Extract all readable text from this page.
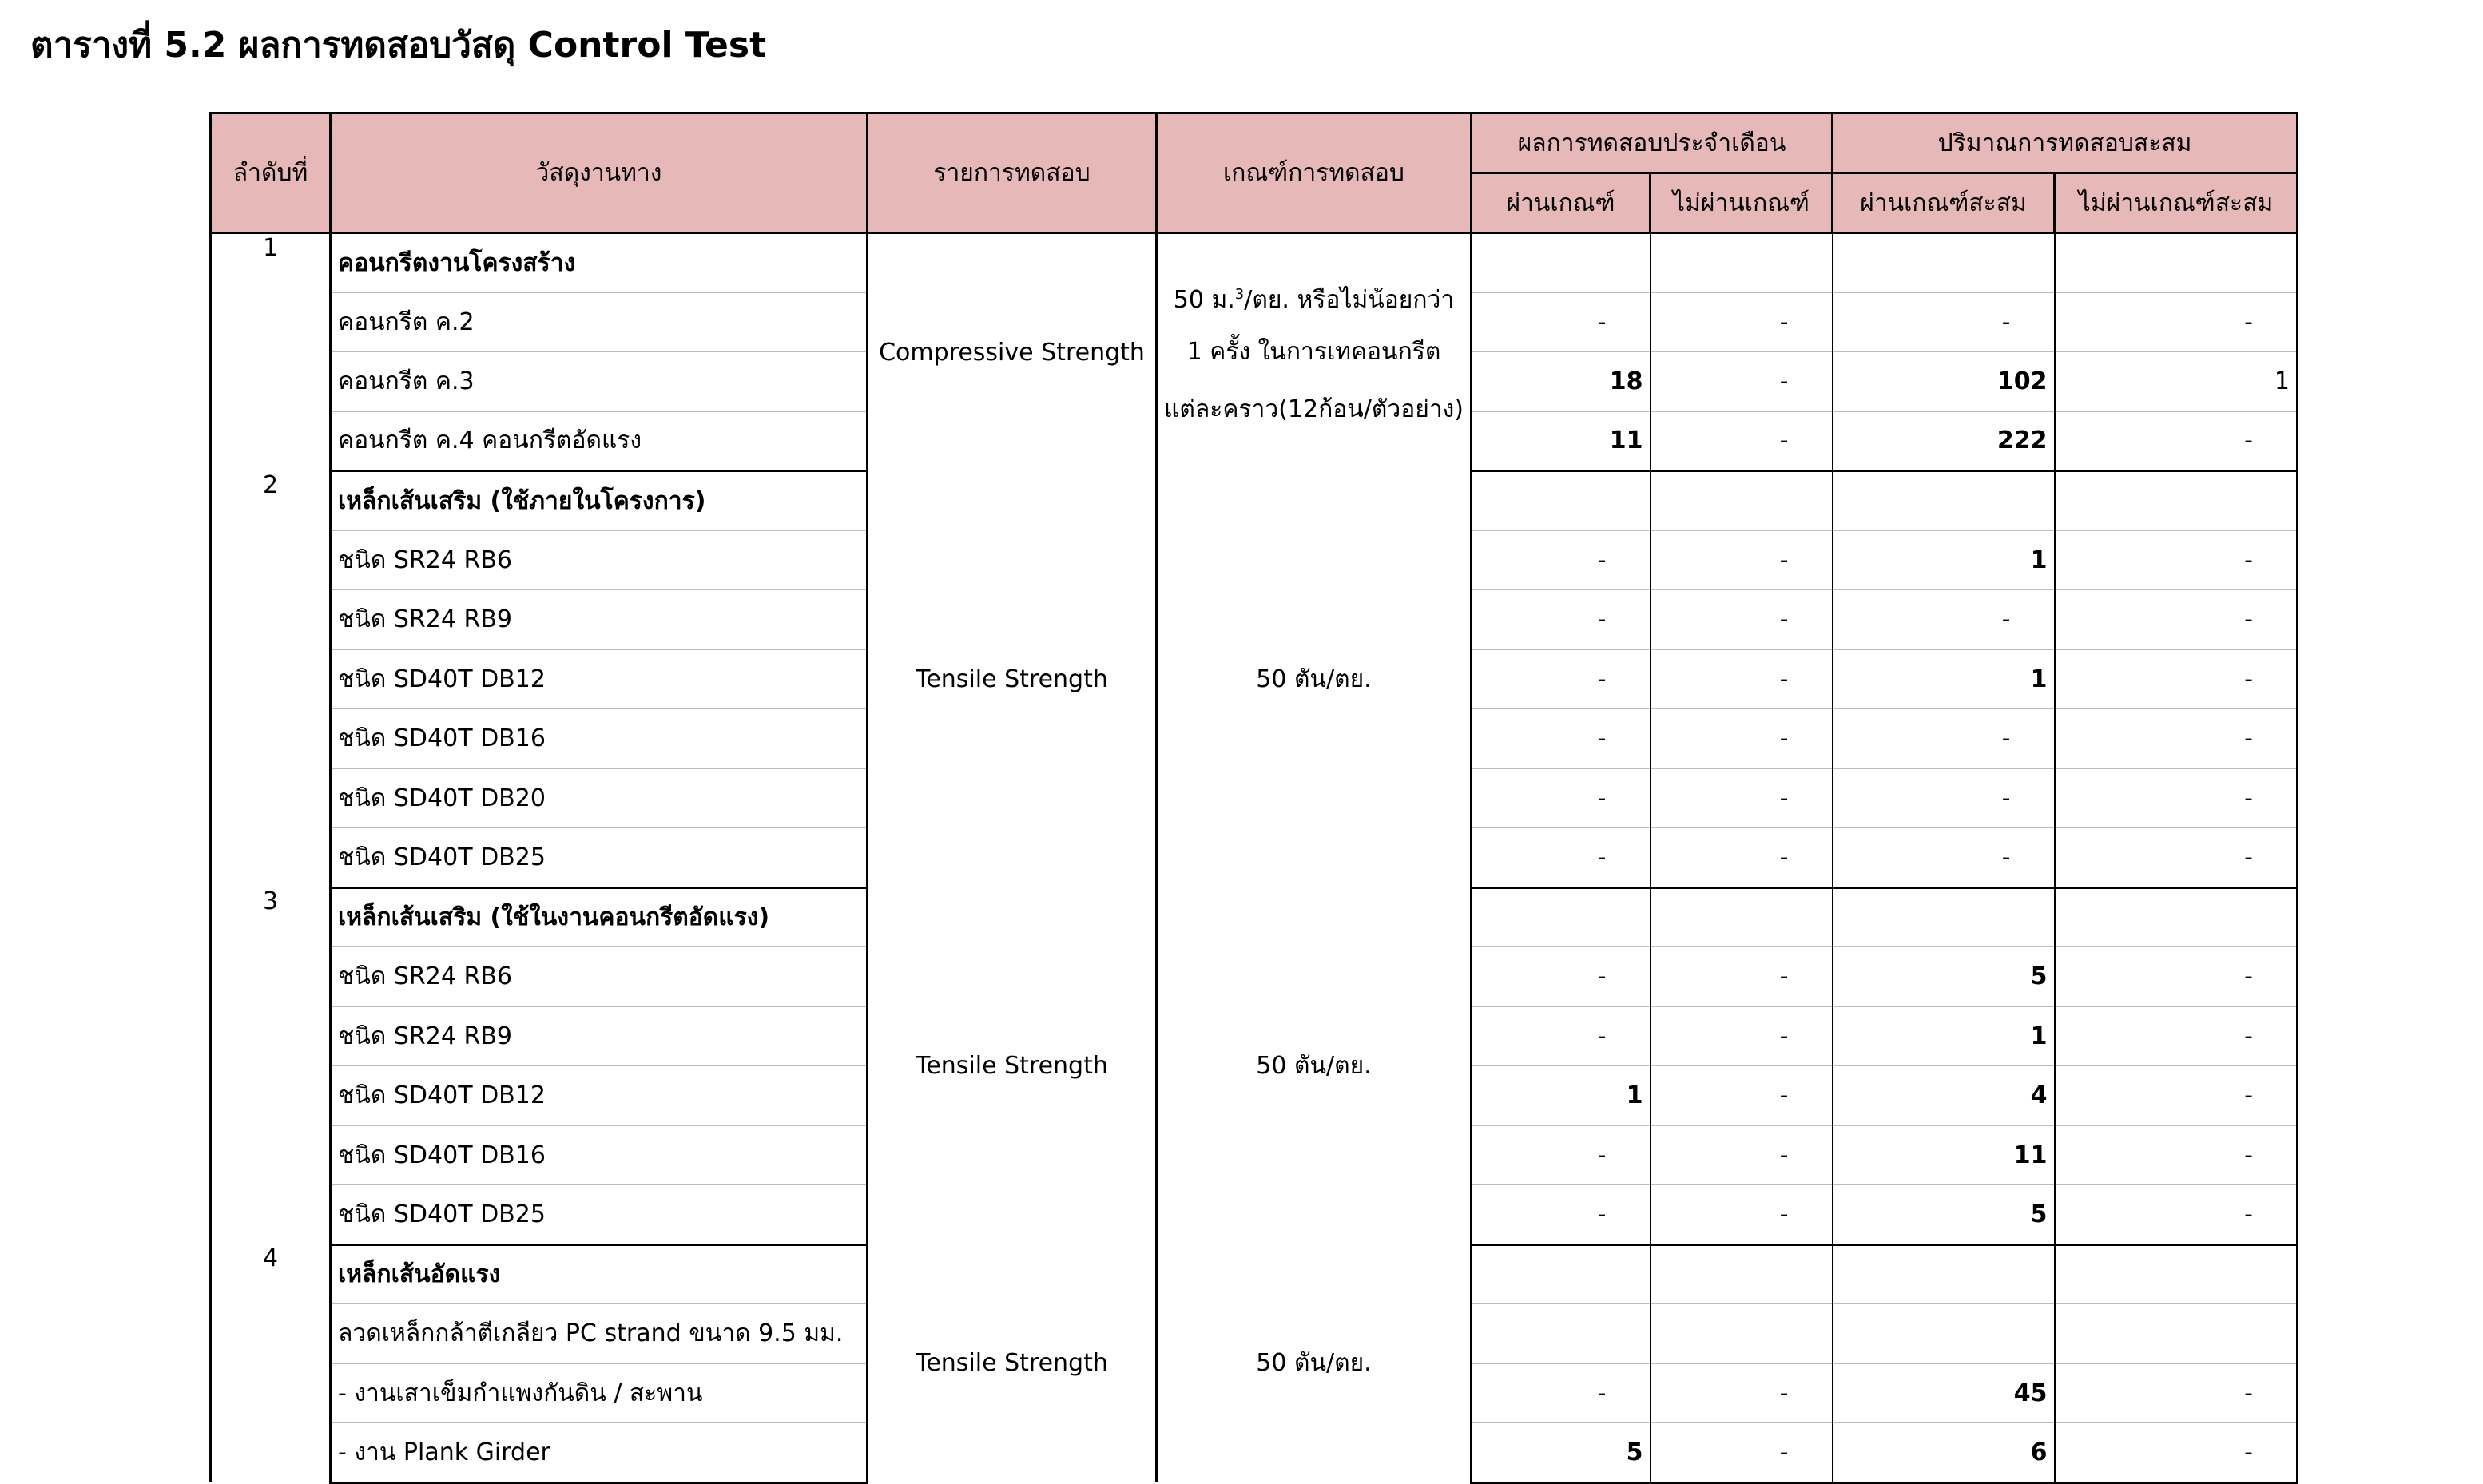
ตารางที่ 5.2 ผลการทดสอบวัสดุ Control Test
ลำดับที่	วัสดุงานทาง	รายการทดสอบ	เกณฑ์การทดสอบ	ผลการทดสอบประจำเดือน		ปริมาณการทดสอบสะสม	
				ผ่านเกณฑ์	ไม่ผ่านเกณฑ์	ผ่านเกณฑ์สะสม	ไม่ผ่านเกณฑ์สะสม
1	คอนกรีตงานโครงสร้าง	Compressive Strength	50 ม.$^3$/ตย. หรือไม่น้อยกว่า
1 ครั้ง ในการเทคอนกรีต
แต่ละคราว(12ก้อน/ตัวอย่าง)				

	คอนกรีต ค.2			-	-	-	-
	คอนกรีต ค.3			18	-	102	1
	คอนกรีต ค.4 คอนกรีตอัดแรง			11	-	222	-
2	เหล็กเส้นเสริม (ใช้ภายในโครงการ)	Tensile Strength	50 ตัน/ตย.				
	ชนิด SR24 RB6			-	-	1	-
	ชนิด SR24 RB9			-	-	-	-
	ชนิด SD40T DB12			-	-	1	-
	ชนิด SD40T DB16			-	-	-	-
	ชนิด SD40T DB20			-	-	-	-
	ชนิด SD40T DB25			-	-	-	-
3	เหล็กเส้นเสริม (ใช้ในงานคอนกรีตอัดแรง)	Tensile Strength	50 ตัน/ตย.				
	ชนิด SR24 RB6			-	-	5	-
	ชนิด SR24 RB9			-	-	1	-
	ชนิด SD40T DB12			1	-	4	-
	ชนิด SD40T DB16			-	-	11	-
	ชนิด SD40T DB25			-	-	5	-
4	เหล็กเส้นอัดแรง	Tensile Strength	50 ตัน/ตย.				
	ลวดเหล็กกล้าตีเกลียว PC strand ขนาด 9.5 มม.						
	- งานเสาเข็มกำแพงกันดิน / สะพาน			-	-	45	-
	- งาน Plank Girder			5	-	6	-
